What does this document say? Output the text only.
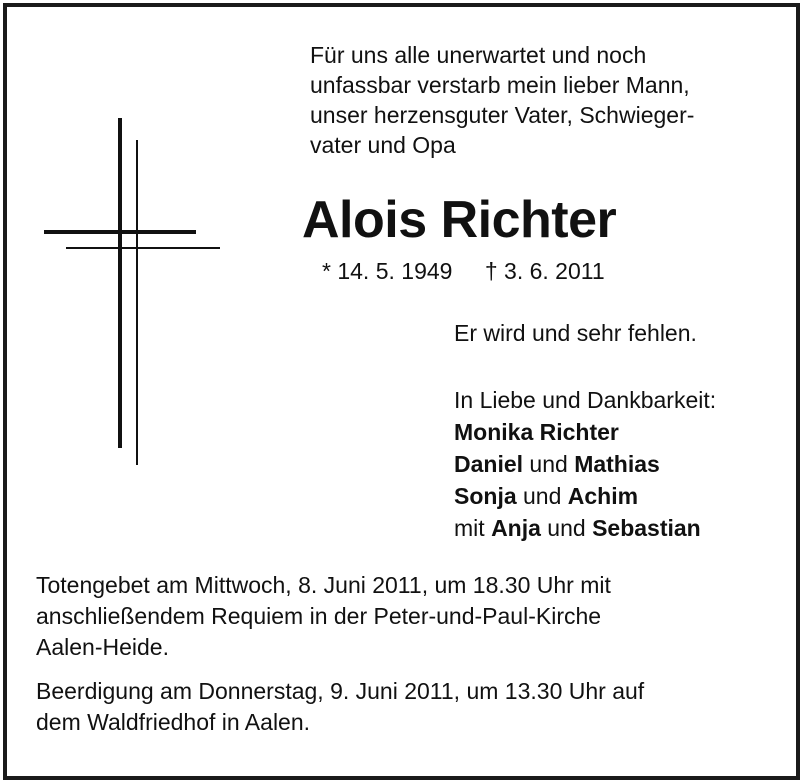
Für uns alle unerwartet und noch
unfassbar verstarb mein lieber Mann,
unser herzensguter Vater, Schwieger-
vater und Opa
Alois Richter
* 14. 5. 1949 † 3. 6. 2011
Er wird und sehr fehlen.
In Liebe und Dankbarkeit:
Monika Richter
Daniel und Mathias
Sonja und Achim
mit Anja und Sebastian
Totengebet am Mittwoch, 8. Juni 2011, um 18.30 Uhr mit
anschließendem Requiem in der Peter-und-Paul-Kirche
Aalen-Heide.
Beerdigung am Donnerstag, 9. Juni 2011, um 13.30 Uhr auf
dem Waldfriedhof in Aalen.
